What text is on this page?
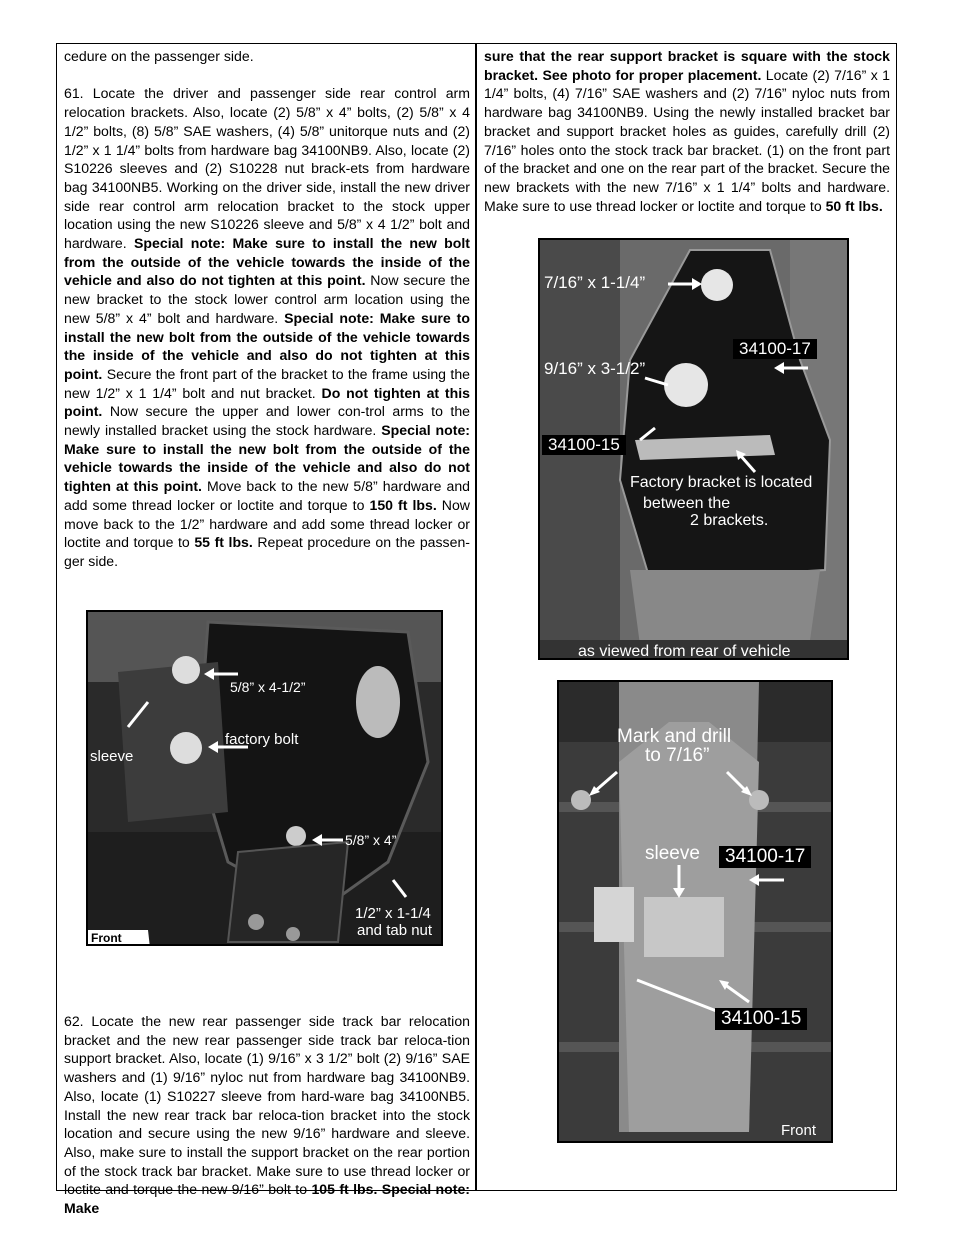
cedure on the passenger side.

61. Locate the driver and passenger side rear control arm relocation brackets. Also, locate (2) 5/8” x 4” bolts, (2) 5/8” x 4 1/2” bolts, (8) 5/8” SAE washers, (4) 5/8” unitorque nuts and (2) 1/2” x 1 1/4” bolts from hardware bag 34100NB9. Also, locate (2) S10226 sleeves and (2) S10228 nut brack-ets from hardware bag 34100NB5. Working on the driver side, install the new driver side rear control arm relocation bracket to the stock upper location using the new S10226 sleeve and 5/8” x 4 1/2” bolt and hardware. Special note: Make sure to install the new bolt from the outside of the vehicle towards the inside of the vehicle and also do not tighten at this point. Now secure the new bracket to the stock lower control arm location using the new 5/8” x 4” bolt and hardware. Special note: Make sure to install the new bolt from the outside of the vehicle towards the inside of the vehicle and also do not tighten at this point. Secure the front part of the bracket to the frame using the new 1/2” x 1 1/4” bolt and nut bracket. Do not tighten at this point. Now secure the upper and lower con-trol arms to the newly installed bracket using the stock hardware. Special note: Make sure to install the new bolt from the outside of the vehicle towards the inside of the vehicle and also do not tighten at this point. Move back to the new 5/8” hardware and add some thread locker or loctite and torque to 150 ft lbs. Now move back to the 1/2” hardware and add some thread locker or loctite and torque to 55 ft lbs. Repeat procedure on the passen-ger side.

62. Locate the new rear passenger side track bar relocation bracket and the new rear passenger side track bar reloca-tion support bracket. Also, locate (1) 9/16” x 3 1/2” bolt (2) 9/16” SAE washers and (1) 9/16” nyloc nut from hardware bag 34100NB9. Also, locate (1) S10227 sleeve from hard-ware bag 34100NB5. Install the new rear track bar reloca-tion bracket into the stock location and secure using the new 9/16” hardware and sleeve. Also, make sure to install the support bracket on the rear portion of the stock track bar bracket. Make sure to use thread locker or loctite and torque the new 9/16” bolt to 105 ft lbs. Special note: Make

sure that the rear support bracket is square with the stock bracket. See photo for proper placement. Locate (2) 7/16” x 1 1/4” bolts, (4) 7/16” SAE washers and (2) 7/16” nyloc nuts from hardware bag 34100NB9. Using the newly installed bracket bar bracket and support bracket holes as guides, carefully drill (2) 7/16” holes onto the stock track bar bracket. (1) on the front part of the bracket and one on the rear part of the bracket. Secure the new brackets with the new 7/16” x 1 1/4” bolts and hardware. Make sure to use thread locker or loctite and torque to 50 ft lbs.

5/8” x 4-1/2”
factory bolt
sleeve
5/8” x 4”
1/2” x 1-1/4
and tab nut
Front
7/16” x 1-1/4”
34100-17
9/16” x 3-1/2”
34100-15
Factory bracket is located
between the
2 brackets.
as viewed from rear of vehicle
Mark and drill
to 7/16”
sleeve	34100-17
34100-15
Front
